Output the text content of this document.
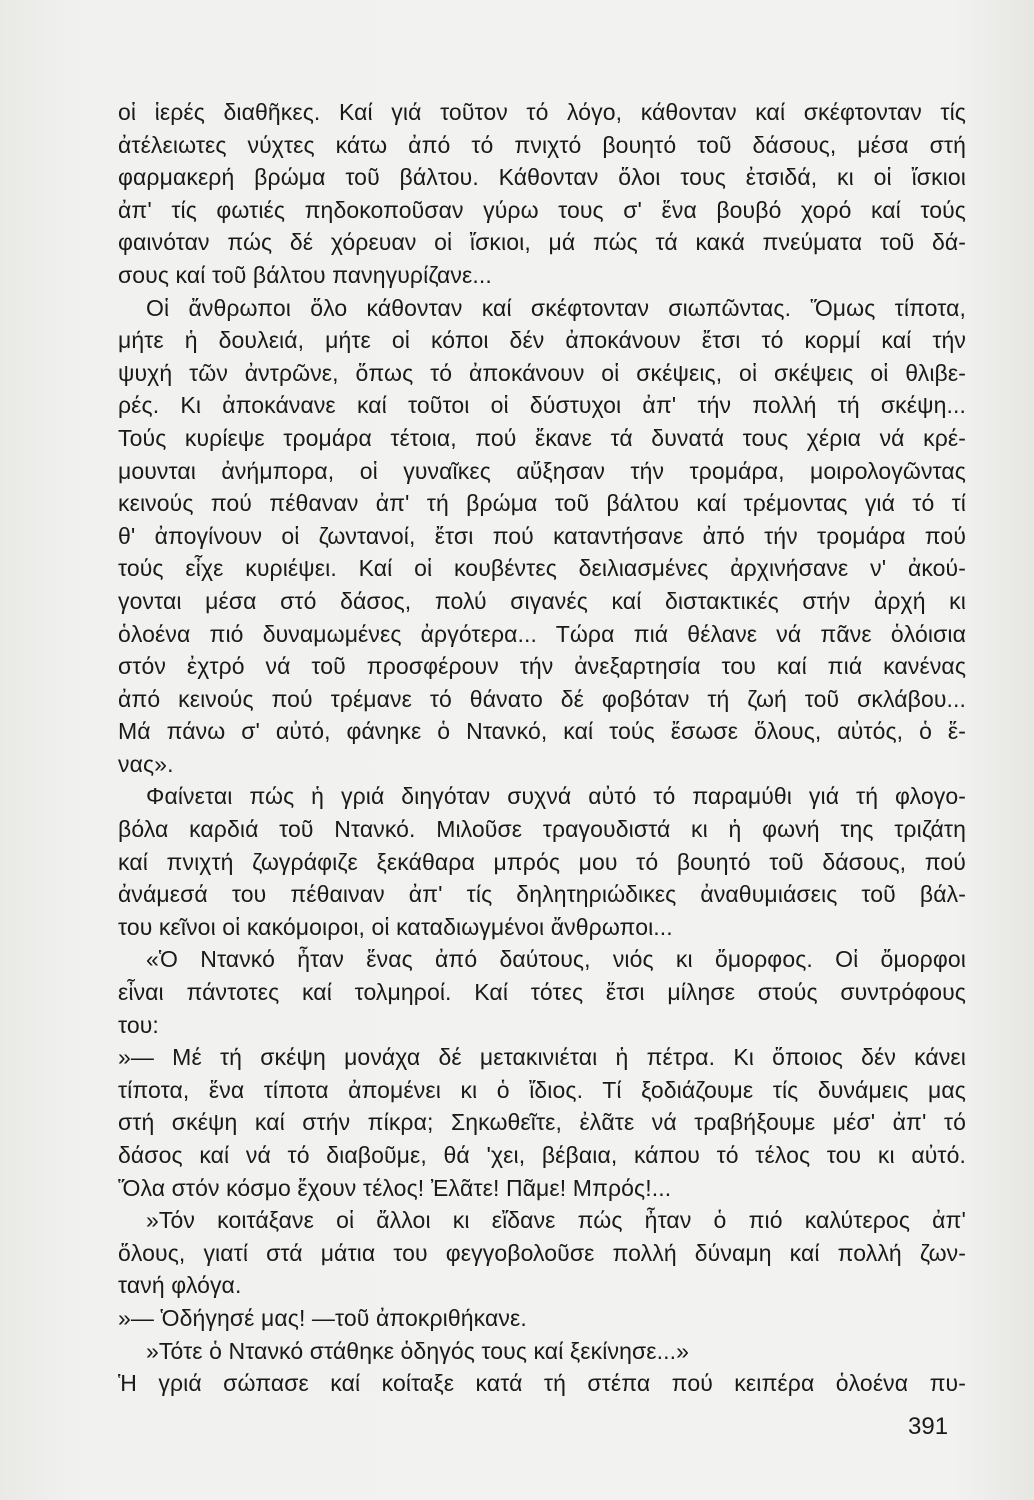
οἱ ἱερές διαθῆκες. Καί γιά τοῦτον τό λόγο, κάθονταν καί σκέφτονταν τίς
ἀτέλειωτες νύχτες κάτω ἀπό τό πνιχτό βουητό τοῦ δάσους, μέσα στή
φαρμακερή βρώμα τοῦ βάλτου. Κάθονταν ὅλοι τους ἐτσιδά, κι οἱ ἴσκιοι
ἀπ' τίς φωτιές πηδοκοποῦσαν γύρω τους σ' ἕνα βουβό χορό καί τούς
φαινόταν πώς δέ χόρευαν οἱ ἴσκιοι, μά πώς τά κακά πνεύματα τοῦ δά-
σους καί τοῦ βάλτου πανηγυρίζανε...
Οἱ ἄνθρωποι ὅλο κάθονταν καί σκέφτονταν σιωπῶντας. Ὅμως τίποτα,
μήτε ἡ δουλειά, μήτε οἱ κόποι δέν ἀποκάνουν ἔτσι τό κορμί καί τήν
ψυχή τῶν ἀντρῶνε, ὅπως τό ἀποκάνουν οἱ σκέψεις, οἱ σκέψεις οἱ θλιβε-
ρές. Κι ἀποκάνανε καί τοῦτοι οἱ δύστυχοι ἀπ' τήν πολλή τή σκέψη...
Τούς κυρίεψε τρομάρα τέτοια, πού ἔκανε τά δυνατά τους χέρια νά κρέ-
μουνται ἀνήμπορα, οἱ γυναῖκες αὔξησαν τήν τρομάρα, μοιρολογῶντας
κεινούς πού πέθαναν ἀπ' τή βρώμα τοῦ βάλτου καί τρέμοντας γιά τό τί
θ' ἀπογίνουν οἱ ζωντανοί, ἔτσι πού καταντήσανε ἀπό τήν τρομάρα πού
τούς εἶχε κυριέψει. Καί οἱ κουβέντες δειλιασμένες ἀρχινήσανε ν' ἀκού-
γονται μέσα στό δάσος, πολύ σιγανές καί διστακτικές στήν ἀρχή κι
ὁλοένα πιό δυναμωμένες ἀργότερα... Τώρα πιά θέλανε νά πᾶνε ὁλόισια
στόν ἐχτρό νά τοῦ προσφέρουν τήν ἀνεξαρτησία του καί πιά κανένας
ἀπό κεινούς πού τρέμανε τό θάνατο δέ φοβόταν τή ζωή τοῦ σκλάβου...
Μά πάνω σ' αὐτό, φάνηκε ὁ Ντανκό, καί τούς ἔσωσε ὅλους, αὐτός, ὁ ἕ-
νας».
Φαίνεται πώς ἡ γριά διηγόταν συχνά αὐτό τό παραμύθι γιά τή φλογο-
βόλα καρδιά τοῦ Ντανκό. Μιλοῦσε τραγουδιστά κι ἡ φωνή της τριζάτη
καί πνιχτή ζωγράφιζε ξεκάθαρα μπρός μου τό βουητό τοῦ δάσους, πού
ἀνάμεσά του πέθαιναν ἀπ' τίς δηλητηριώδικες ἀναθυμιάσεις τοῦ βάλ-
του κεῖνοι οἱ κακόμοιροι, οἱ καταδιωγμένοι ἄνθρωποι...
«Ὁ Ντανκό ἦταν ἕνας ἀπό δαύτους, νιός κι ὄμορφος. Οἱ ὄμορφοι
εἶναι πάντοτες καί τολμηροί. Καί τότες ἔτσι μίλησε στούς συντρόφους
του:
»— Μέ τή σκέψη μονάχα δέ μετακινιέται ἡ πέτρα. Κι ὅποιος δέν κάνει
τίποτα, ἕνα τίποτα ἀπομένει κι ὁ ἴδιος. Τί ξοδιάζουμε τίς δυνάμεις μας
στή σκέψη καί στήν πίκρα; Σηκωθεῖτε, ἐλᾶτε νά τραβήξουμε μέσ' ἀπ' τό
δάσος καί νά τό διαβοῦμε, θά 'χει, βέβαια, κάπου τό τέλος του κι αὐτό.
Ὅλα στόν κόσμο ἔχουν τέλος! Ἐλᾶτε! Πᾶμε! Μπρός!...
»Τόν κοιτάξανε οἱ ἄλλοι κι εἴδανε πώς ἦταν ὁ πιό καλύτερος ἀπ'
ὅλους, γιατί στά μάτια του φεγγοβολοῦσε πολλή δύναμη καί πολλή ζων-
τανή φλόγα.
»— Ὁδήγησέ μας! —τοῦ ἀποκριθήκανε.
»Τότε ὁ Ντανκό στάθηκε ὁδηγός τους καί ξεκίνησε...»
Ἡ γριά σώπασε καί κοίταξε κατά τή στέπα πού κειπέρα ὁλοένα πυ-
391
